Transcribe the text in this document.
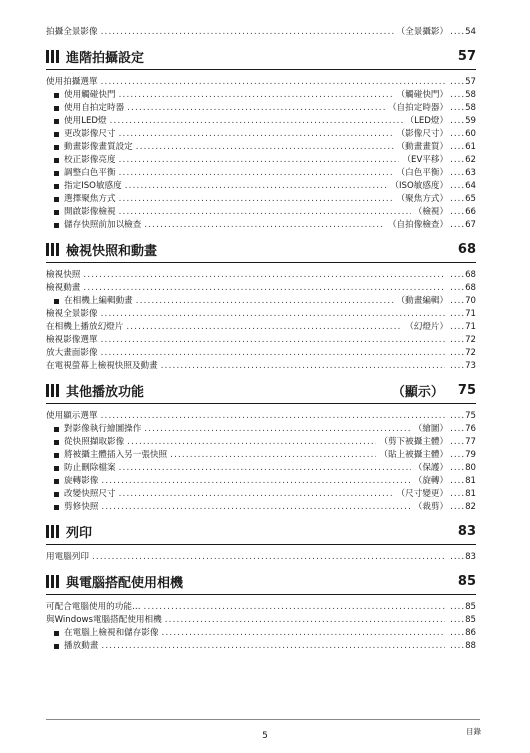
拍攝全景影像 .....	（全景攝影）	.... 54
進階拍攝設定	57
使用拍攝選單 .....	.... 57
使用觸碰快門 .....	（觸碰快門）	.... 58
使用自拍定時器 .....	（自拍定時器）	.... 58
使用LED燈 .....	（LED燈）	.... 59
更改影像尺寸 .....	（影像尺寸）	.... 60
動畫影像畫質設定 .....	（動畫畫質）	.... 61
校正影像亮度 .....	（EV平移）	.... 62
調整白色平衡 .....	（白色平衡）	.... 63
指定ISO敏感度 .....	（ISO敏感度）	.... 64
選擇聚焦方式 .....	（聚焦方式）	.... 65
開啟影像檢視 .....	（檢視）	.... 66
儲存快照前加以檢查 .....	（自拍像檢查）	.... 67
檢視快照和動畫	68
檢視快照 .....	.... 68
檢視動畫 .....	.... 68
在相機上編輯動畫 .....	（動畫編輯）	.... 70
檢視全景影像 .....	.... 71
在相機上播放幻燈片 .....	（幻燈片）	.... 71
檢視影像選單 .....	.... 72
放大畫面影像 .....	.... 72
在電視螢幕上檢視快照及動畫 .....	.... 73
其他播放功能	（顯示） 75
使用顯示選單 .....	.... 75
對影像執行繪圖操作 .....	（繪圖）	.... 76
從快照擷取影像 .....	（剪下被攝主體）	.... 77
將被攝主體插入另一張快照 .....	（貼上被攝主體）	.... 79
防止刪除檔案 .....	（保護）	.... 80
旋轉影像 .....	（旋轉）	.... 81
改變快照尺寸 .....	（尺寸變更）	.... 81
剪修快照 .....	（裁剪）	.... 82
列印	83
用電腦列印 .....	.... 83
與電腦搭配使用相機	85
可配合電腦使用的功能… .....	.... 85
與Windows電腦搭配使用相機 .....	.... 85
在電腦上檢視和儲存影像 .....	.... 86
播放動畫 .....	.... 88
5	目錄
